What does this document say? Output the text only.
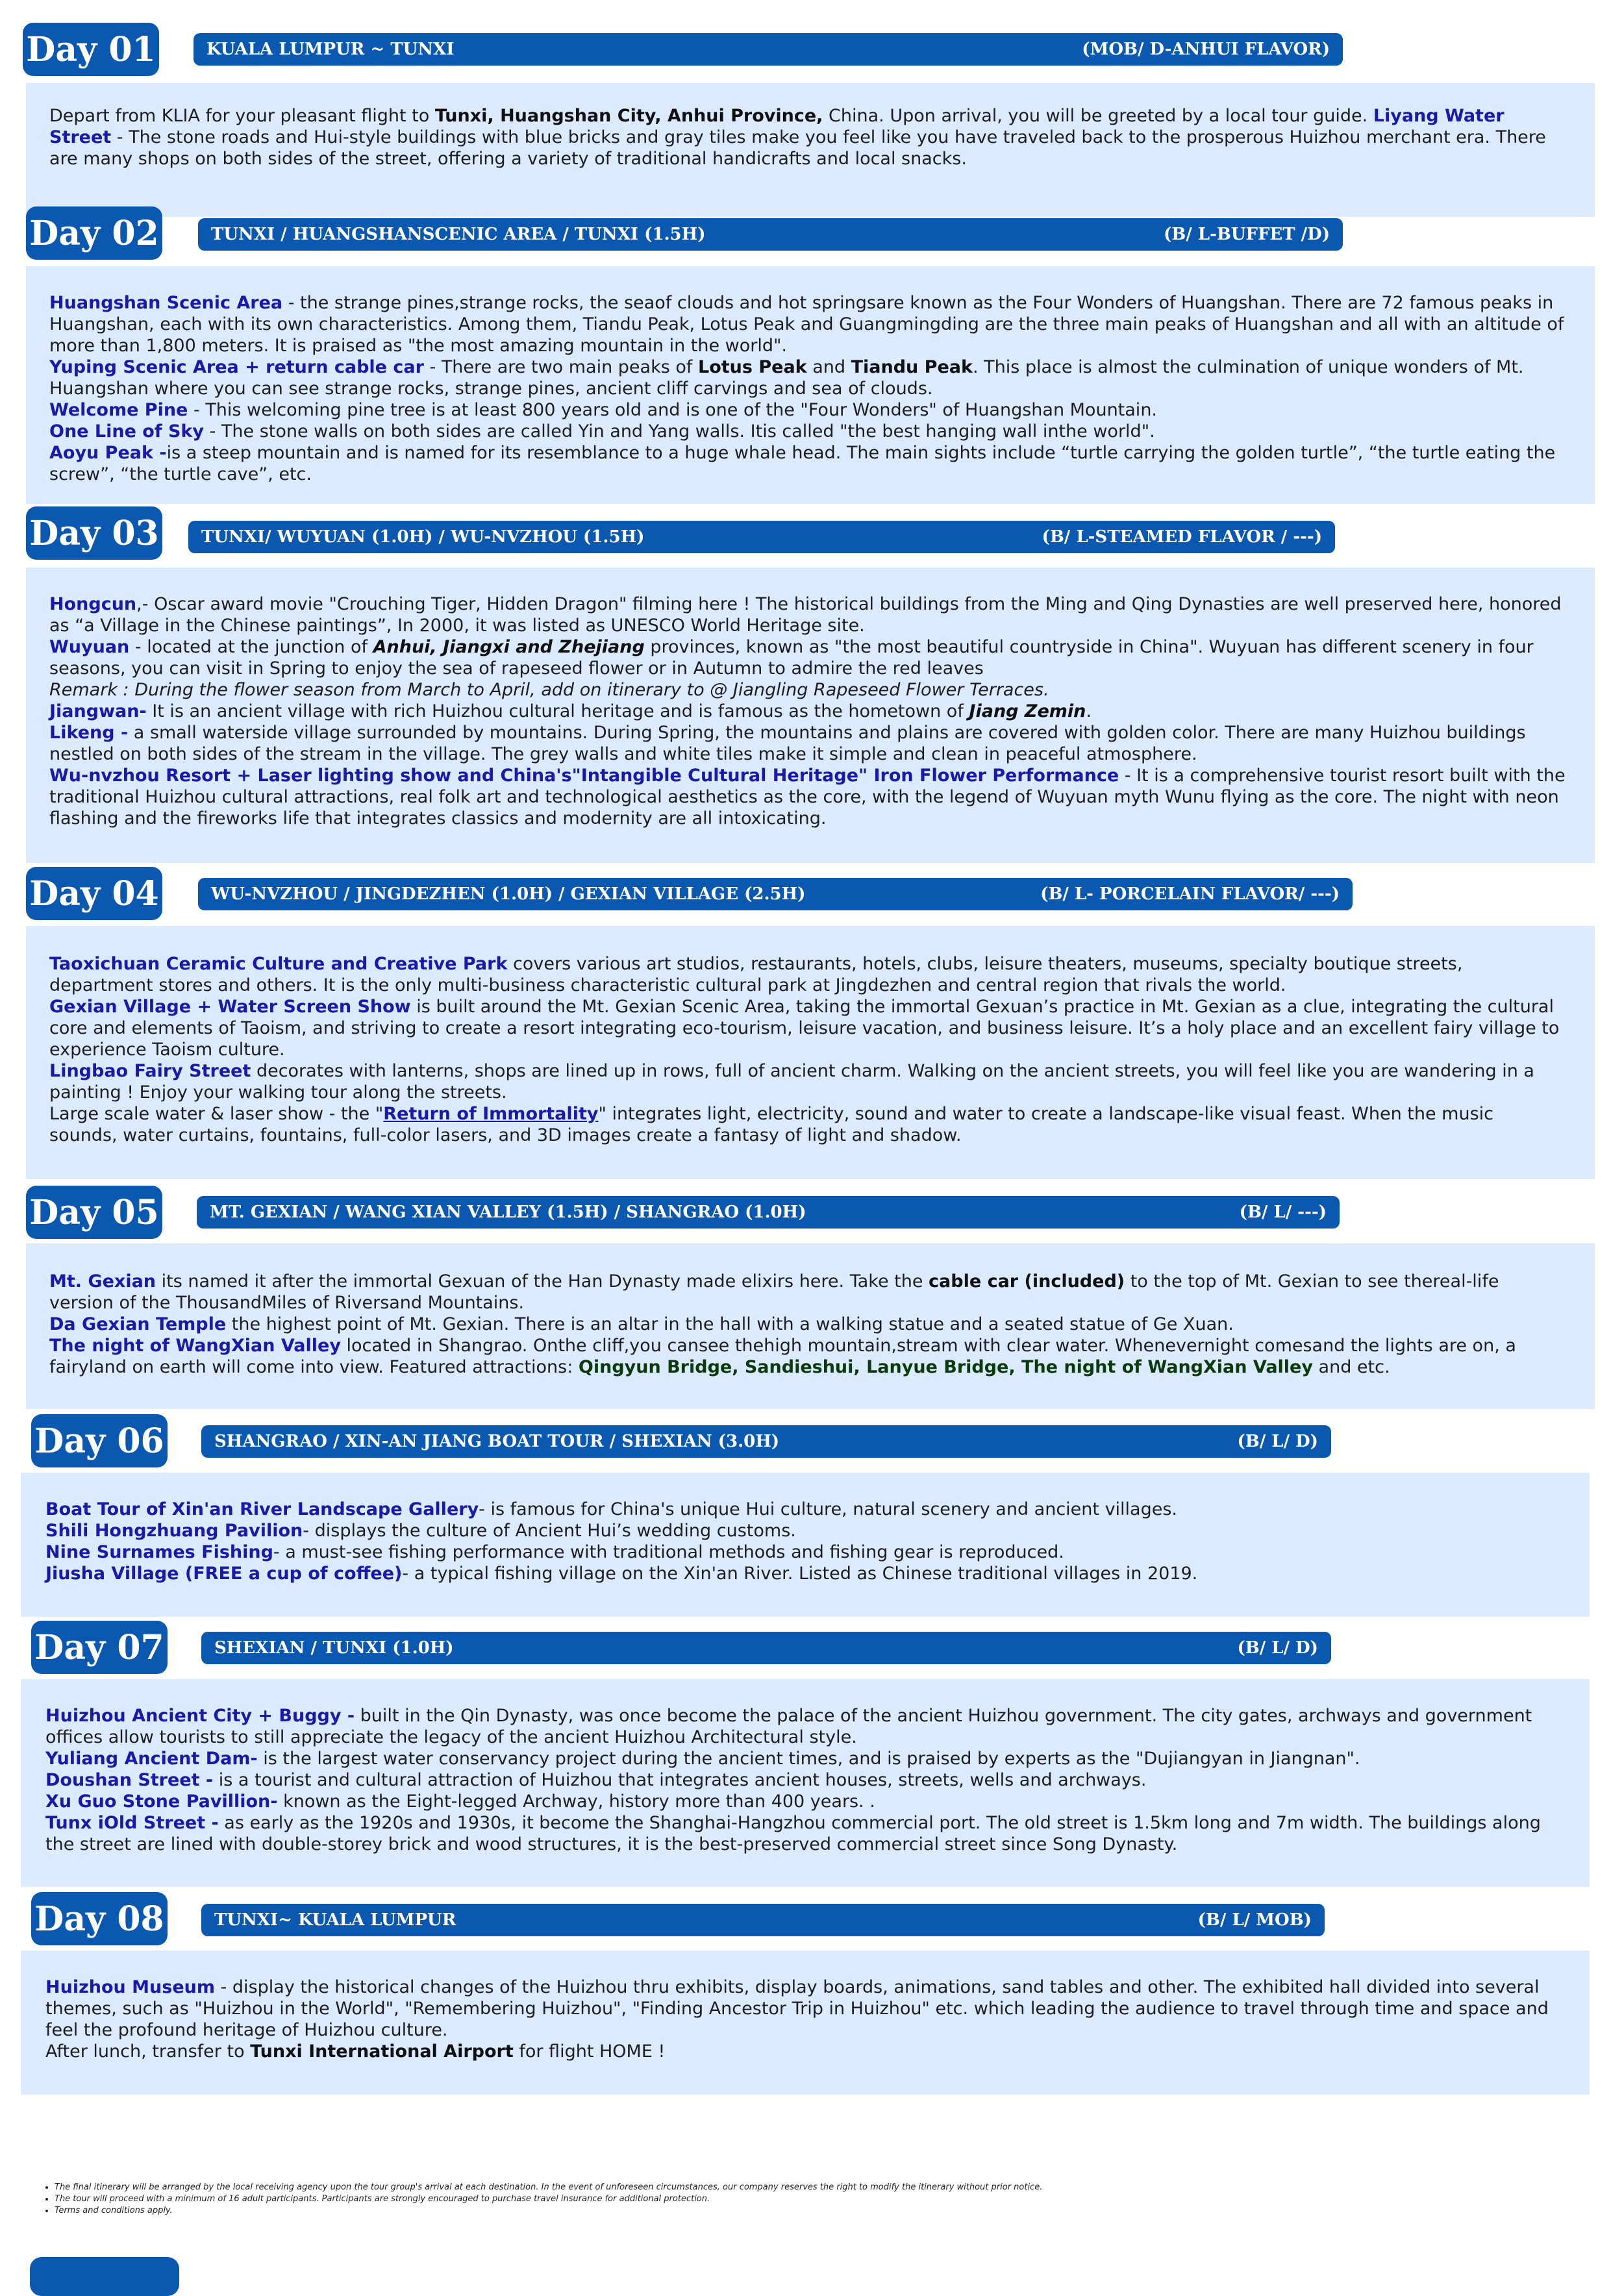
Day 01	KUALA LUMPUR ~ TUNXI	(MOB/ D-ANHUI FLAVOR)

Depart from KLIA for your pleasant flight to Tunxi, Huangshan City, Anhui Province, China. Upon arrival, you will be greeted by a local tour guide. Liyang Water Street - The stone roads and Hui-style buildings with blue bricks and gray tiles make you feel like you have traveled back to the prosperous Huizhou merchant era. There are many shops on both sides of the street, offering a variety of traditional handicrafts and local snacks.

Day 02	TUNXI / HUANGSHANSCENIC AREA / TUNXI (1.5H)	(B/ L-BUFFET /D)

Huangshan Scenic Area - the strange pines,strange rocks, the seaof clouds and hot springsare known as the Four Wonders of Huangshan. There are 72 famous peaks in Huangshan, each with its own characteristics. Among them, Tiandu Peak, Lotus Peak and Guangmingding are the three main peaks of Huangshan and all with an altitude of more than 1,800 meters. It is praised as "the most amazing mountain in the world".

Yuping Scenic Area + return cable car - There are two main peaks of Lotus Peak and Tiandu Peak. This place is almost the culmination of unique wonders of Mt. Huangshan where you can see strange rocks, strange pines, ancient cliff carvings and sea of clouds.

Welcome Pine - This welcoming pine tree is at least 800 years old and is one of the "Four Wonders" of Huangshan Mountain.

One Line of Sky - The stone walls on both sides are called Yin and Yang walls. Itis called "the best hanging wall inthe world".

Aoyu Peak -is a steep mountain and is named for its resemblance to a huge whale head. The main sights include “turtle carrying the golden turtle”, “the turtle eating the screw”, “the turtle cave”, etc.

Day 03	TUNXI/ WUYUAN (1.0H) / WU-NVZHOU (1.5H)	(B/ L-STEAMED FLAVOR / ---)

Hongcun,- Oscar award movie "Crouching Tiger, Hidden Dragon" filming here ! The historical buildings from the Ming and Qing Dynasties are well preserved here, honored as “a Village in the Chinese paintings”, In 2000, it was listed as UNESCO World Heritage site.

Wuyuan - located at the junction of Anhui, Jiangxi and Zhejiang provinces, known as "the most beautiful countryside in China". Wuyuan has different scenery in four seasons, you can visit in Spring to enjoy the sea of rapeseed flower or in Autumn to admire the red leaves

Remark : During the flower season from March to April, add on itinerary to @ Jiangling Rapeseed Flower Terraces.

Jiangwan- It is an ancient village with rich Huizhou cultural heritage and is famous as the hometown of Jiang Zemin.

Likeng - a small waterside village surrounded by mountains. During Spring, the mountains and plains are covered with golden color. There are many Huizhou buildings nestled on both sides of the stream in the village. The grey walls and white tiles make it simple and clean in peaceful atmosphere.

Wu-nvzhou Resort + Laser lighting show and China's"Intangible Cultural Heritage" Iron Flower Performance - It is a comprehensive tourist resort built with the traditional Huizhou cultural attractions, real folk art and technological aesthetics as the core, with the legend of Wuyuan myth Wunu flying as the core. The night with neon flashing and the fireworks life that integrates classics and modernity are all intoxicating.

Day 04	WU-NVZHOU / JINGDEZHEN (1.0H) / GEXIAN VILLAGE (2.5H)	(B/ L- PORCELAIN FLAVOR/ ---)

Taoxichuan Ceramic Culture and Creative Park covers various art studios, restaurants, hotels, clubs, leisure theaters, museums, specialty boutique streets, department stores and others. It is the only multi-business characteristic cultural park at Jingdezhen and central region that rivals the world.

Gexian Village + Water Screen Show is built around the Mt. Gexian Scenic Area, taking the immortal Gexuan’s practice in Mt. Gexian as a clue, integrating the cultural core and elements of Taoism, and striving to create a resort integrating eco-tourism, leisure vacation, and business leisure. It’s a holy place and an excellent fairy village to experience Taoism culture.

Lingbao Fairy Street decorates with lanterns, shops are lined up in rows, full of ancient charm. Walking on the ancient streets, you will feel like you are wandering in a painting ! Enjoy your walking tour along the streets.

Large scale water & laser show - the "Return of Immortality" integrates light, electricity, sound and water to create a landscape-like visual feast. When the music sounds, water curtains, fountains, full-color lasers, and 3D images create a fantasy of light and shadow.

Day 05	MT. GEXIAN / WANG XIAN VALLEY (1.5H) / SHANGRAO (1.0H)	(B/ L/ ---)

Mt. Gexian its named it after the immortal Gexuan of the Han Dynasty made elixirs here. Take the cable car (included) to the top of Mt. Gexian to see thereal-life version of the ThousandMiles of Riversand Mountains.

Da Gexian Temple the highest point of Mt. Gexian. There is an altar in the hall with a walking statue and a seated statue of Ge Xuan.

The night of WangXian Valley located in Shangrao. Onthe cliff,you cansee thehigh mountain,stream with clear water. Whenevernight comesand the lights are on, a fairyland on earth will come into view. Featured attractions: Qingyun Bridge, Sandieshui, Lanyue Bridge, The night of WangXian Valley and etc.

Day 06	SHANGRAO / XIN-AN JIANG BOAT TOUR / SHEXIAN (3.0H)	(B/ L/ D)

Boat Tour of Xin'an River Landscape Gallery- is famous for China's unique Hui culture, natural scenery and ancient villages.

Shili Hongzhuang Pavilion- displays the culture of Ancient Hui’s wedding customs.

Nine Surnames Fishing- a must-see fishing performance with traditional methods and fishing gear is reproduced.

Jiusha Village (FREE a cup of coffee)- a typical fishing village on the Xin'an River. Listed as Chinese traditional villages in 2019.

Day 07	SHEXIAN / TUNXI (1.0H)	(B/ L/ D)

Huizhou Ancient City + Buggy - built in the Qin Dynasty, was once become the palace of the ancient Huizhou government. The city gates, archways and government offices allow tourists to still appreciate the legacy of the ancient Huizhou Architectural style.

Yuliang Ancient Dam- is the largest water conservancy project during the ancient times, and is praised by experts as the "Dujiangyan in Jiangnan".

Doushan Street - is a tourist and cultural attraction of Huizhou that integrates ancient houses, streets, wells and archways.

Xu Guo Stone Pavillion- known as the Eight-legged Archway, history more than 400 years. .

Tunx iOld Street - as early as the 1920s and 1930s, it become the Shanghai-Hangzhou commercial port. The old street is 1.5km long and 7m width. The buildings along the street are lined with double-storey brick and wood structures, it is the best-preserved commercial street since Song Dynasty.

Day 08	TUNXI~ KUALA LUMPUR	(B/ L/ MOB)

Huizhou Museum - display the historical changes of the Huizhou thru exhibits, display boards, animations, sand tables and other. The exhibited hall divided into several themes, such as "Huizhou in the World", "Remembering Huizhou", "Finding Ancestor Trip in Huizhou" etc. which leading the audience to travel through time and space and feel the profound heritage of Huizhou culture.

After lunch, transfer to Tunxi International Airport for flight HOME !

• The final itinerary will be arranged by the local receiving agency upon the tour group's arrival at each destination. In the event of unforeseen circumstances, our company reserves the right to modify the itinerary without prior notice.
• The tour will proceed with a minimum of 16 adult participants. Participants are strongly encouraged to purchase travel insurance for additional protection.
• Terms and conditions apply.
